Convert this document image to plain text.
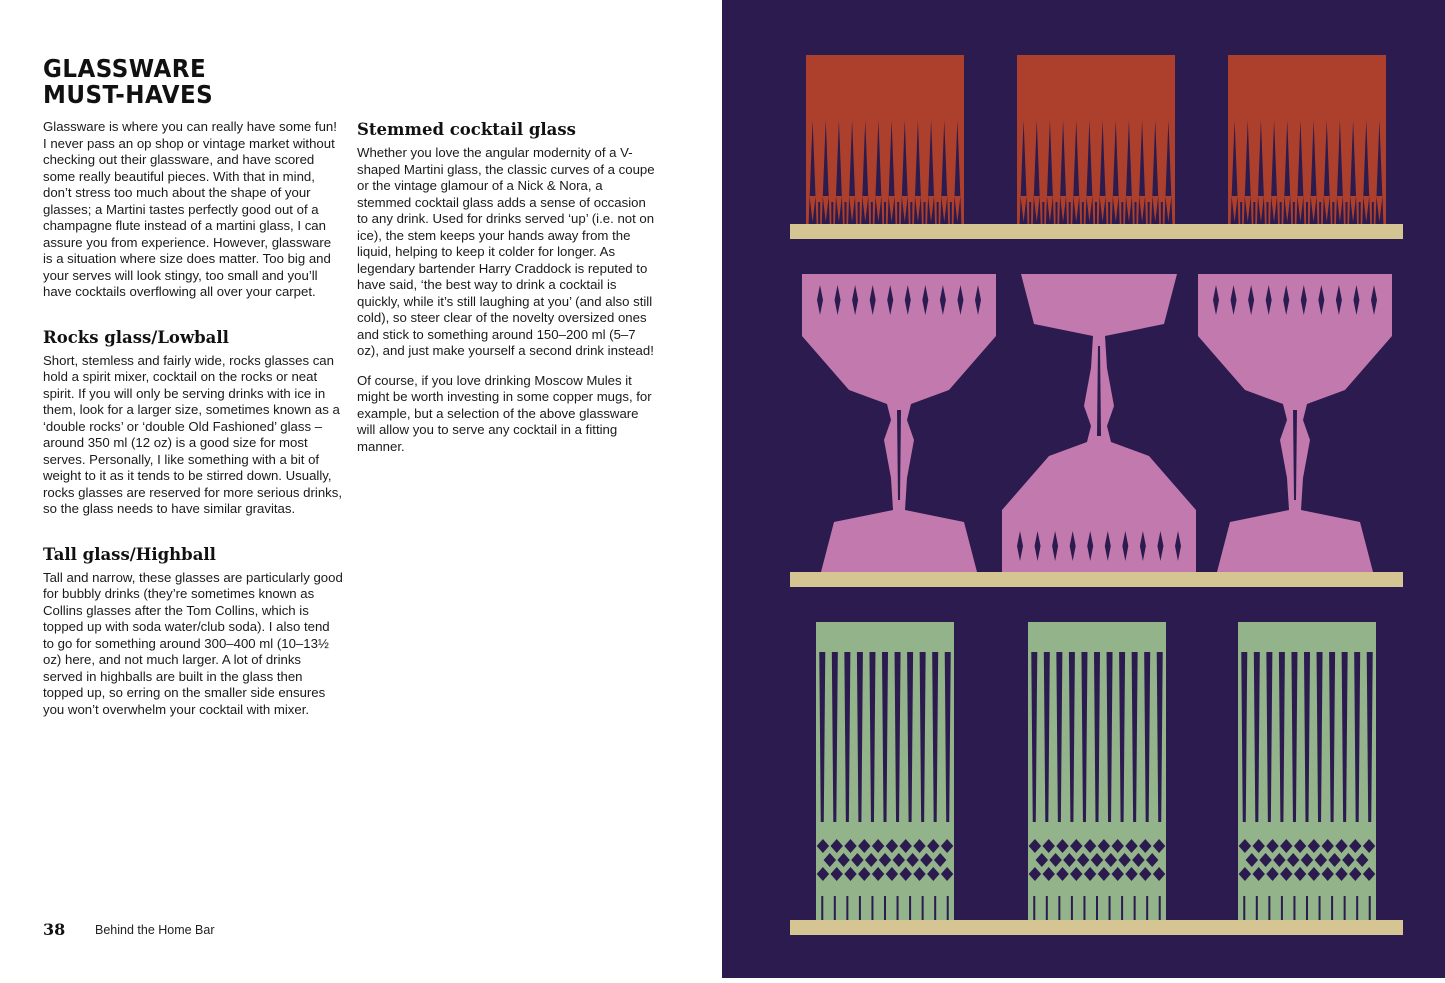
GLASSWARE
MUST-HAVES

Glassware is where you can really have some fun! I never pass an op shop or vintage market without checking out their glassware, and have scored some really beautiful pieces. With that in mind, don’t stress too much about the shape of your glasses; a Martini tastes perfectly good out of a champagne flute instead of a martini glass, I can assure you from experience. However, glassware is a situation where size does matter. Too big and your serves will look stingy, too small and you’ll have cocktails overflowing all over your carpet.

Rocks glass/Lowball

Short, stemless and fairly wide, rocks glasses can hold a spirit mixer, cocktail on the rocks or neat spirit. If you will only be serving drinks with ice in them, look for a larger size, sometimes known as a ‘double rocks’ or ‘double Old Fashioned’ glass – around 350 ml (12 oz) is a good size for most serves. Personally, I like something with a bit of weight to it as it tends to be stirred down. Usually, rocks glasses are reserved for more serious drinks, so the glass needs to have similar gravitas.

Tall glass/Highball

Tall and narrow, these glasses are particularly good for bubbly drinks (they’re sometimes known as Collins glasses after the Tom Collins, which is topped up with soda water/club soda). I also tend to go for something around 300–400 ml (10–13½ oz) here, and not much larger. A lot of drinks served in highballs are built in the glass then topped up, so erring on the smaller side ensures you won’t overwhelm your cocktail with mixer.

Stemmed cocktail glass

Whether you love the angular modernity of a V-shaped Martini glass, the classic curves of a coupe or the vintage glamour of a Nick & Nora, a stemmed cocktail glass adds a sense of occasion to any drink. Used for drinks served ‘up’ (i.e. not on ice), the stem keeps your hands away from the liquid, helping to keep it colder for longer. As legendary bartender Harry Craddock is reputed to have said, ‘the best way to drink a cocktail is quickly, while it’s still laughing at you’ (and also still cold), so steer clear of the novelty oversized ones and stick to something around 150–200 ml (5–7 oz), and just make yourself a second drink instead!

Of course, if you love drinking Moscow Mules it might be worth investing in some copper mugs, for example, but a selection of the above glassware will allow you to serve any cocktail in a fitting manner.

38 Behind the Home Bar
